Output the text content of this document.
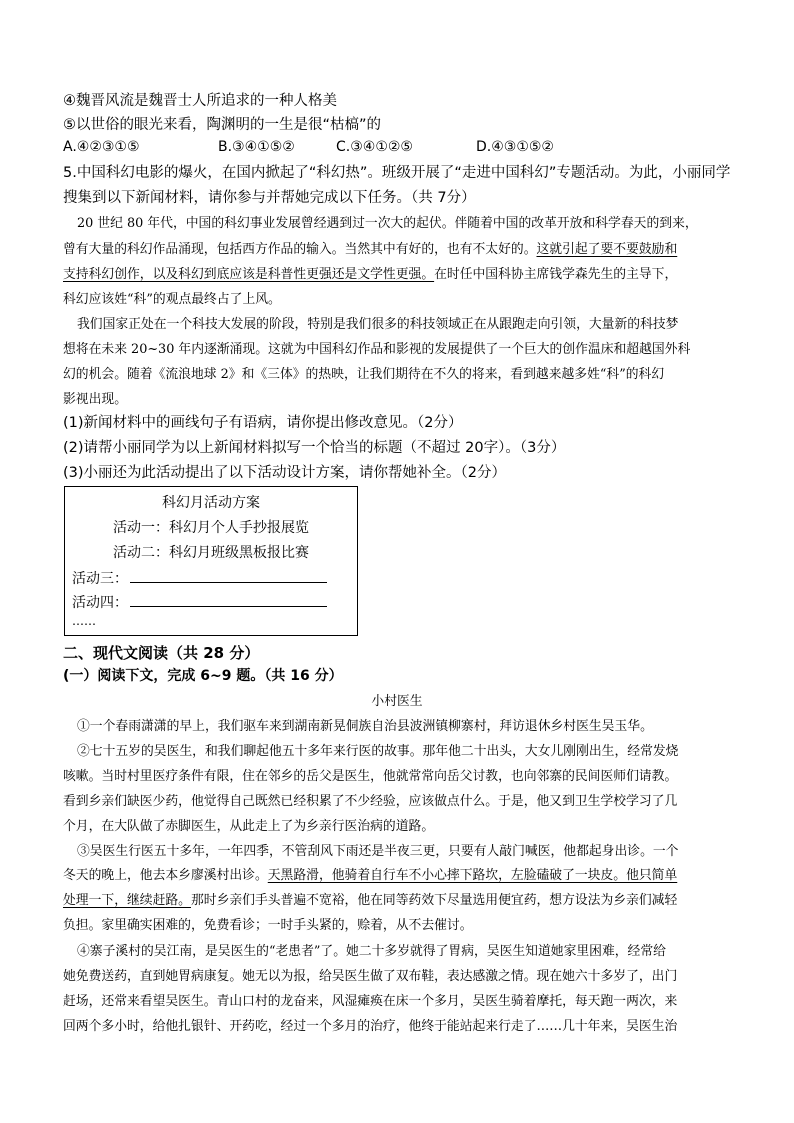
④魏晋风流是魏晋士人所追求的一种人格美
⑤以世俗的眼光来看，陶渊明的一生是很“枯槁”的
A.④②③①⑤	B.③④①⑤②	C.③④①②⑤	D.④③①⑤②
5.中国科幻电影的爆火，在国内掀起了“科幻热”。班级开展了“走进中国科幻”专题活动。为此，小丽同学
搜集到以下新闻材料，请你参与并帮她完成以下任务。（共 7分）
20 世纪 80 年代，中国的科幻事业发展曾经遇到过一次大的起伏。伴随着中国的改革开放和科学春天的到来，
曾有大量的科幻作品涌现，包括西方作品的输入。当然其中有好的，也有不太好的。这就引起了要不要鼓励和
支持科幻创作，以及科幻到底应该是科普性更强还是文学性更强。在时任中国科协主席钱学森先生的主导下，
科幻应该姓“科”的观点最终占了上风。
我们国家正处在一个科技大发展的阶段，特别是我们很多的科技领域正在从跟跑走向引领，大量新的科技梦
想将在未来 20~30 年内逐渐涌现。这就为中国科幻作品和影视的发展提供了一个巨大的创作温床和超越国外科
幻的机会。随着《流浪地球 2》和《三体》的热映，让我们期待在不久的将来，看到越来越多姓“科”的科幻
影视出现。
(1)新闻材料中的画线句子有语病，请你提出修改意见。（2分）
(2)请帮小丽同学为以上新闻材料拟写一个恰当的标题（不超过 20字）。（3分）
(3)小丽还为此活动提出了以下活动设计方案，请你帮她补全。（2分）
科幻月活动方案
活动一：科幻月个人手抄报展览
活动二：科幻月班级黑板报比赛
活动三：
活动四：
……
二、现代文阅读（共 28 分）
(一）阅读下文，完成 6~9 题。（共 16 分）
小村医生
①一个春雨潇潇的早上，我们驱车来到湖南新晃侗族自治县波洲镇柳寨村，拜访退休乡村医生吴玉华。
②七十五岁的吴医生，和我们聊起他五十多年来行医的故事。那年他二十出头，大女儿刚刚出生，经常发烧
咳嗽。当时村里医疗条件有限，住在邻乡的岳父是医生，他就常常向岳父讨教，也向邻寨的民间医师们请教。
看到乡亲们缺医少药，他觉得自己既然已经积累了不少经验，应该做点什么。于是，他又到卫生学校学习了几
个月，在大队做了赤脚医生，从此走上了为乡亲行医治病的道路。
③吴医生行医五十多年，一年四季，不管刮风下雨还是半夜三更，只要有人敲门喊医，他都起身出诊。一个
冬天的晚上，他去本乡廖溪村出诊。天黑路滑，他骑着自行车不小心摔下路坎，左脸磕破了一块皮。他只简单
处理一下，继续赶路。那时乡亲们手头普遍不宽裕，他在同等药效下尽量选用便宜药，想方设法为乡亲们减轻
负担。家里确实困难的，免费看诊；一时手头紧的，赊着，从不去催讨。
④寨子溪村的吴江南，是吴医生的“老患者”了。她二十多岁就得了胃病，吴医生知道她家里困难，经常给
她免费送药，直到她胃病康复。她无以为报，给吴医生做了双布鞋，表达感激之情。现在她六十多岁了，出门
赶场，还常来看望吴医生。青山口村的龙奋来，风湿瘫痪在床一个多月，吴医生骑着摩托，每天跑一两次，来
回两个多小时，给他扎银针、开药吃，经过一个多月的治疗，他终于能站起来行走了……几十年来，吴医生治
